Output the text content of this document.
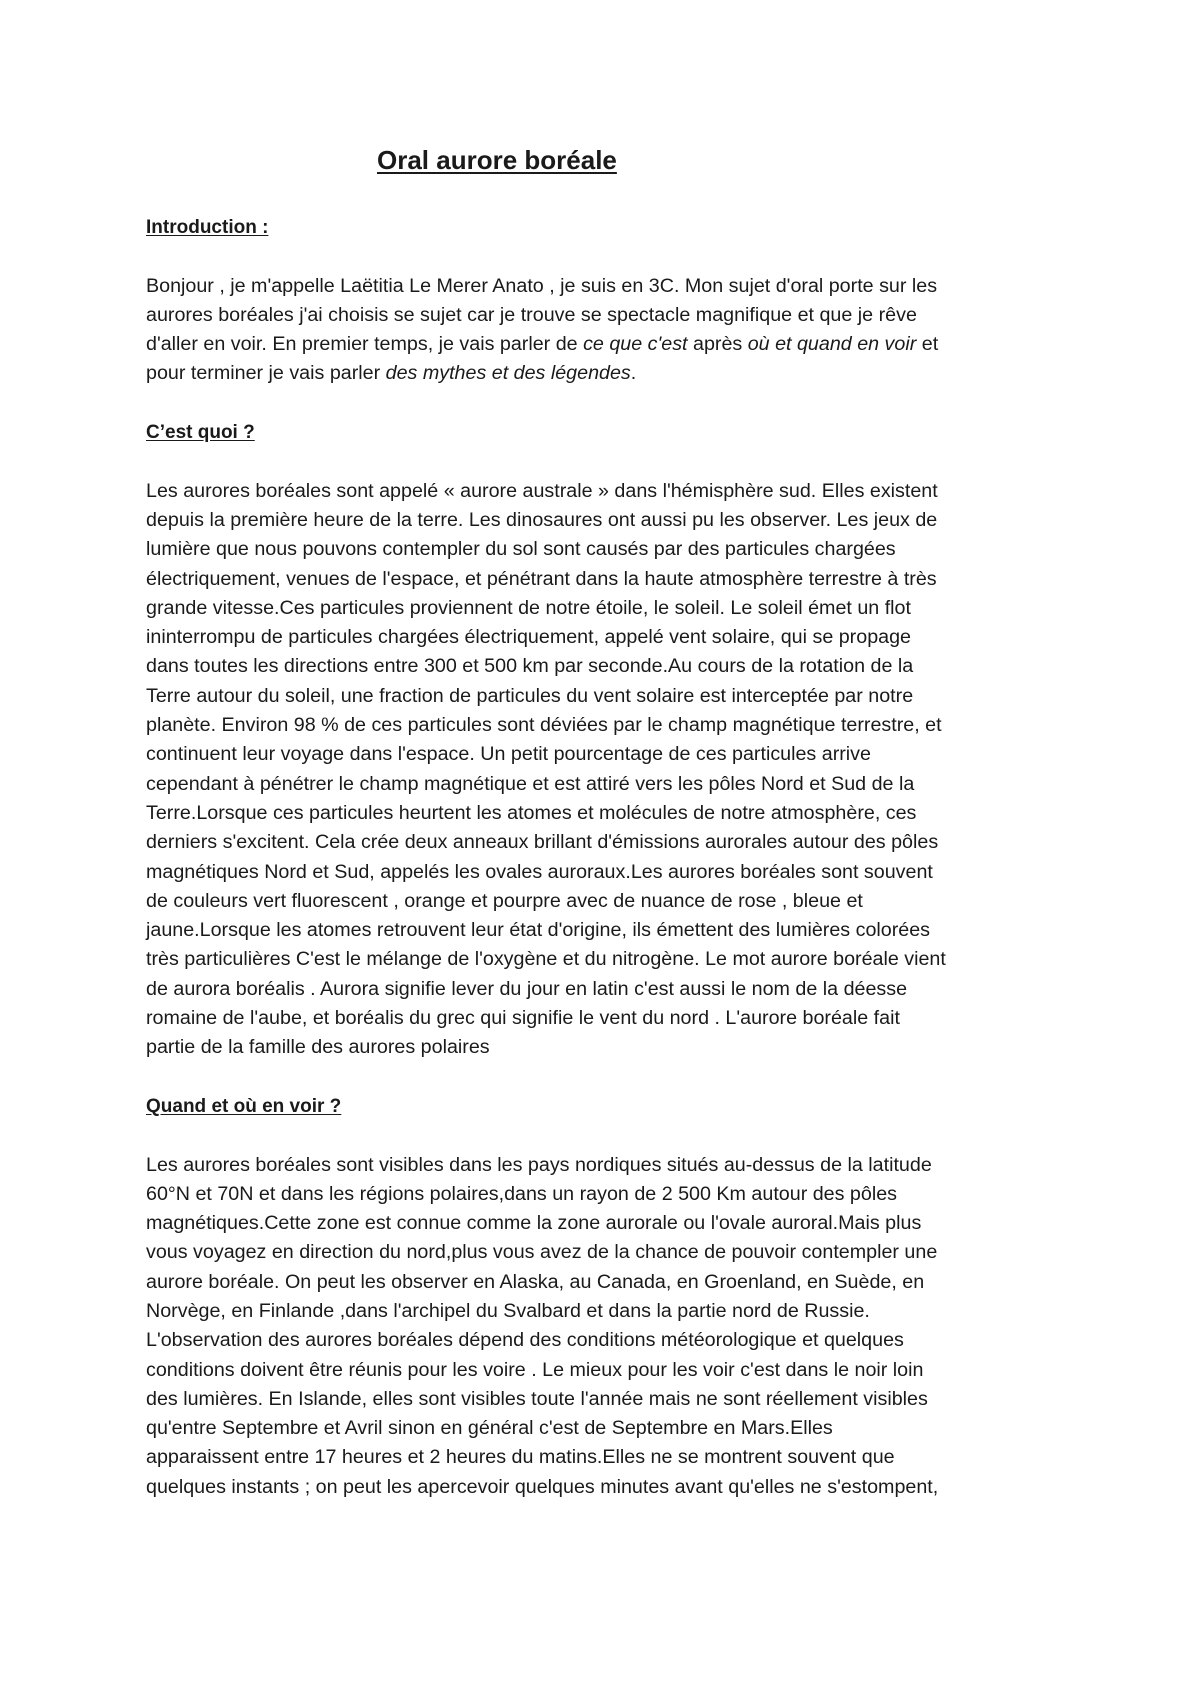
Oral aurore boréale
Introduction :

Bonjour , je m'appelle Laëtitia Le Merer Anato , je suis en 3C. Mon sujet d'oral porte sur les
aurores boréales j'ai choisis se sujet car je trouve se spectacle magnifique et que je rêve
d'aller en voir. En premier temps, je vais parler de ce que c'est après où et quand en voir et
pour terminer je vais parler des mythes et des légendes.

C’est quoi ?

Les aurores boréales sont appelé « aurore australe » dans l'hémisphère sud. Elles existent
depuis la première heure de la terre. Les dinosaures ont aussi pu les observer. Les jeux de
lumière que nous pouvons contempler du sol sont causés par des particules chargées
électriquement, venues de l'espace, et pénétrant dans la haute atmosphère terrestre à très
grande vitesse.Ces particules proviennent de notre étoile, le soleil. Le soleil émet un flot
ininterrompu de particules chargées électriquement, appelé vent solaire, qui se propage
dans toutes les directions entre 300 et 500 km par seconde.Au cours de la rotation de la
Terre autour du soleil, une fraction de particules du vent solaire est interceptée par notre
planète. Environ 98 % de ces particules sont déviées par le champ magnétique terrestre, et
continuent leur voyage dans l'espace. Un petit pourcentage de ces particules arrive
cependant à pénétrer le champ magnétique et est attiré vers les pôles Nord et Sud de la
Terre.Lorsque ces particules heurtent les atomes et molécules de notre atmosphère, ces
derniers s'excitent. Cela crée deux anneaux brillant d'émissions aurorales autour des pôles
magnétiques Nord et Sud, appelés les ovales auroraux.Les aurores boréales sont souvent
de couleurs vert fluorescent , orange et pourpre avec de nuance de rose , bleue et
jaune.Lorsque les atomes retrouvent leur état d'origine, ils émettent des lumières colorées
très particulières C'est le mélange de l'oxygène et du nitrogène. Le mot aurore boréale vient
de aurora boréalis . Aurora signifie lever du jour en latin c'est aussi le nom de la déesse
romaine de l'aube, et boréalis du grec qui signifie le vent du nord . L'aurore boréale fait
partie de la famille des aurores polaires

Quand et où en voir ?

Les aurores boréales sont visibles dans les pays nordiques situés au-dessus de la latitude
60°N et 70N et dans les régions polaires,dans un rayon de 2 500 Km autour des pôles
magnétiques.Cette zone est connue comme la zone aurorale ou l'ovale auroral.Mais plus
vous voyagez en direction du nord,plus vous avez de la chance de pouvoir contempler une
aurore boréale. On peut les observer en Alaska, au Canada, en Groenland, en Suède, en
Norvège, en Finlande ,dans l'archipel du Svalbard et dans la partie nord de Russie.
L'observation des aurores boréales dépend des conditions météorologique et quelques
conditions doivent être réunis pour les voire . Le mieux pour les voir c'est dans le noir loin
des lumières. En Islande, elles sont visibles toute l'année mais ne sont réellement visibles
qu'entre Septembre et Avril sinon en général c'est de Septembre en Mars.Elles
apparaissent entre 17 heures et 2 heures du matins.Elles ne se montrent souvent que
quelques instants ; on peut les apercevoir quelques minutes avant qu'elles ne s'estompent,
